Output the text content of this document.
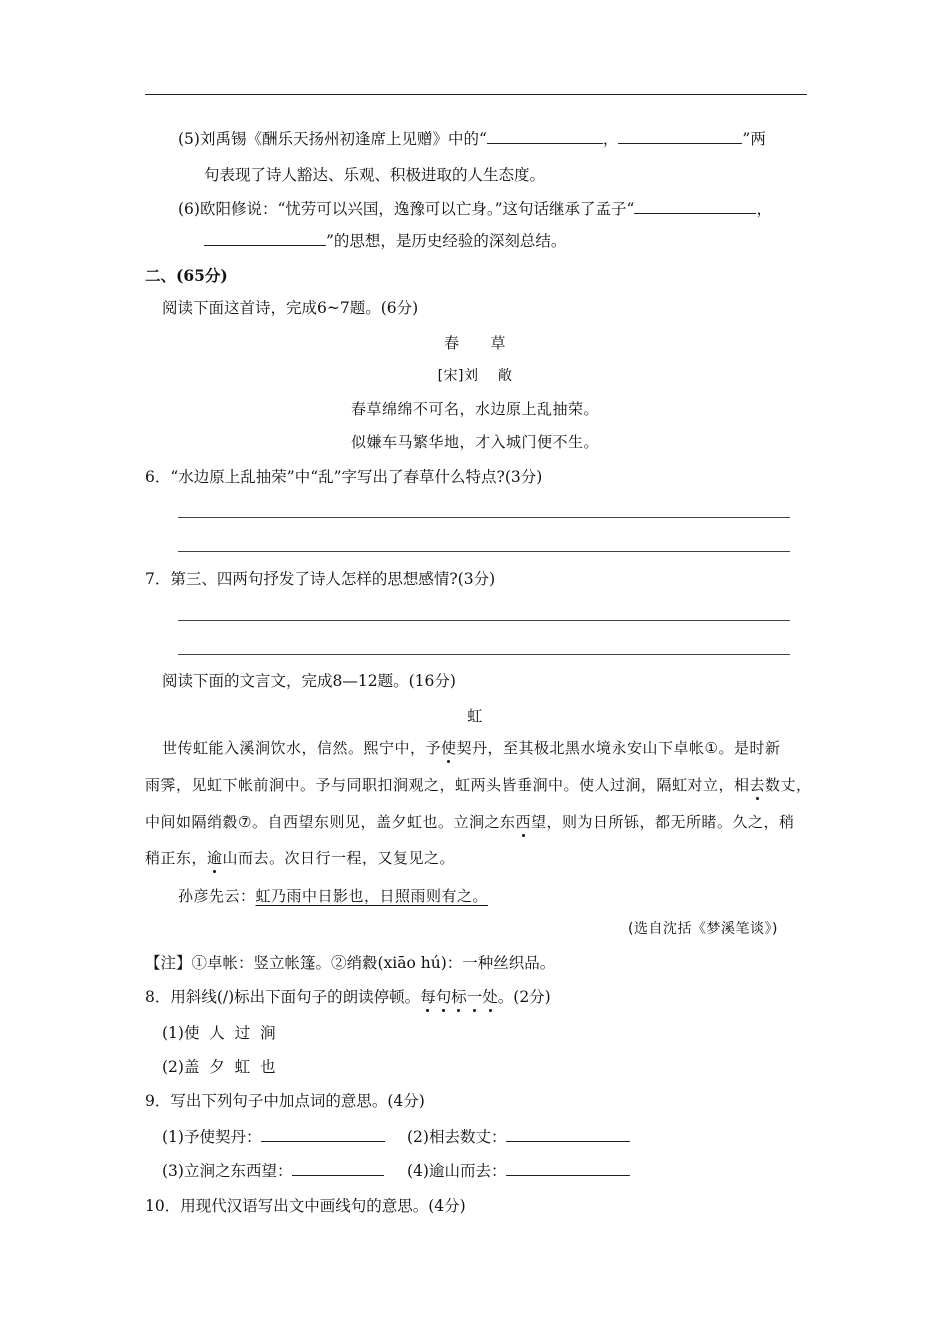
(5)刘禹锡《酬乐天扬州初逢席上见赠》中的“	，	”两
句表现了诗人豁达、乐观、积极进取的人生态度。
(6)欧阳修说：“忧劳可以兴国，逸豫可以亡身。”这句话继承了孟子“	，
”的思想，是历史经验的深刻总结。
二、(65分)
阅读下面这首诗，完成6~7题。(6分)
春　　草
[宋]刘　 敞
春草绵绵不可名，水边原上乱抽荣。
似嫌车马繁华地，才入城门便不生。
6．“水边原上乱抽荣”中“乱”字写出了春草什么特点?(3分)
7．第三、四两句抒发了诗人怎样的思想感情?(3分)
阅读下面的文言文，完成8—12题。(16分)
虹
世传虹能入溪涧饮水，信然。熙宁中，予使契丹，至其极北黑水境永安山下卓帐①。是时新
雨霁，见虹下帐前涧中。予与同职扣涧观之，虹两头皆垂涧中。使人过涧，隔虹对立，相去数丈，
中间如隔绡縠⑦。自西望东则见，盖夕虹也。立涧之东西望，则为日所铄，都无所睹。久之，稍
稍正东，逾山而去。次日行一程，又复见之。
孙彦先云：虹乃雨中日影也，日照雨则有之。
(选自沈括《梦溪笔谈》)
【注】①卓帐：竖立帐篷。②绡縠(xiāo hú)：一种丝织品。
8．用斜线(/)标出下面句子的朗读停顿。每句标一处。(2分)
(1)使  人  过  涧
(2)盖  夕  虹  也
9．写出下列句子中加点词的意思。(4分)
(1)予使契丹：	(2)相去数丈：
(3)立涧之东西望：	(4)逾山而去：
10．用现代汉语写出文中画线句的意思。(4分)
